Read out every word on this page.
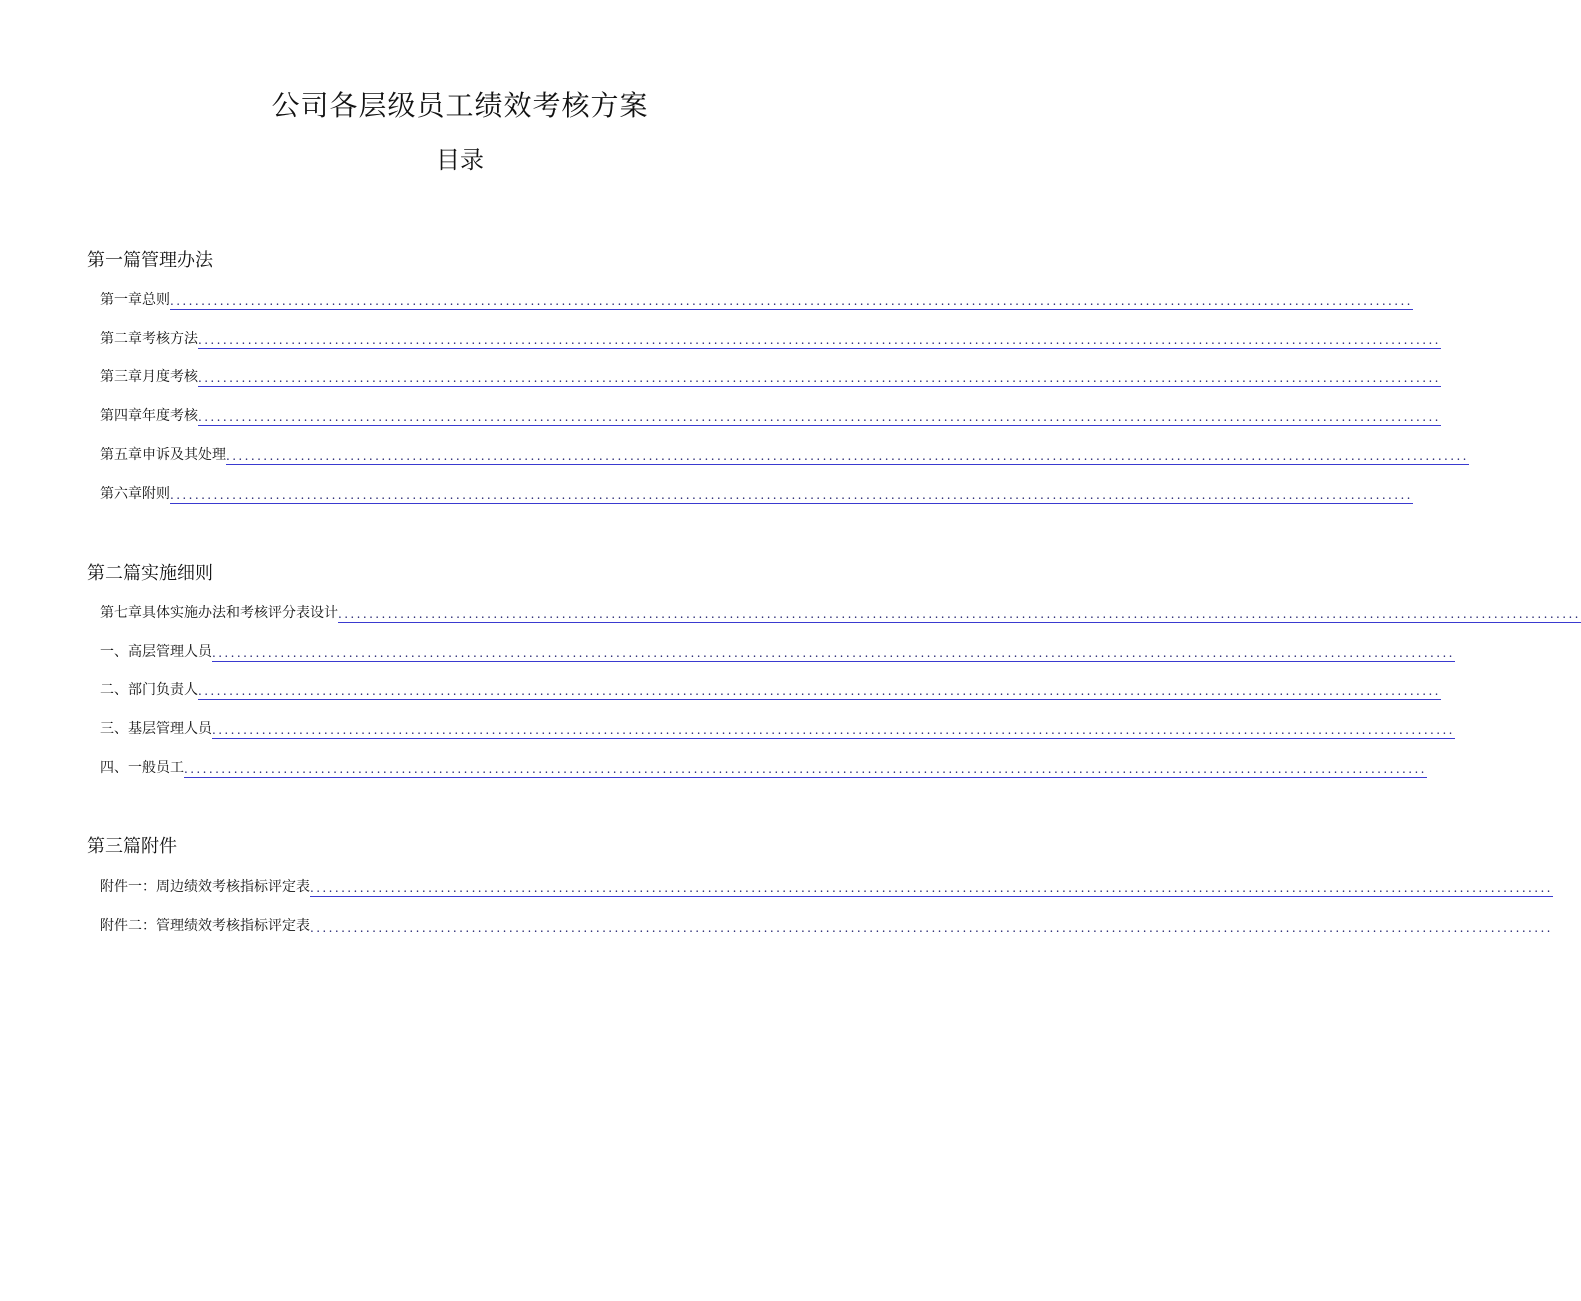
公司各层级员工绩效考核方案
目录
第一篇管理办法
第一章总则 ........................................................................................................................................................................................................
第二章考核方法 ........................................................................................................................................................................................................
第三章月度考核 ........................................................................................................................................................................................................
第四章年度考核 ........................................................................................................................................................................................................
第五章申诉及其处理 ........................................................................................................................................................................................................
第六章附则 ........................................................................................................................................................................................................
第二篇实施细则
第七章具体实施办法和考核评分表设计 ........................................................................................................................................................................................................
一、高层管理人员 ........................................................................................................................................................................................................
二、部门负责人 ........................................................................................................................................................................................................
三、基层管理人员 ........................................................................................................................................................................................................
四、一般员工 ........................................................................................................................................................................................................
第三篇附件
附件一：周边绩效考核指标评定表 ........................................................................................................................................................................................................
附件二：管理绩效考核指标评定表 ........................................................................................................................................................................................................
